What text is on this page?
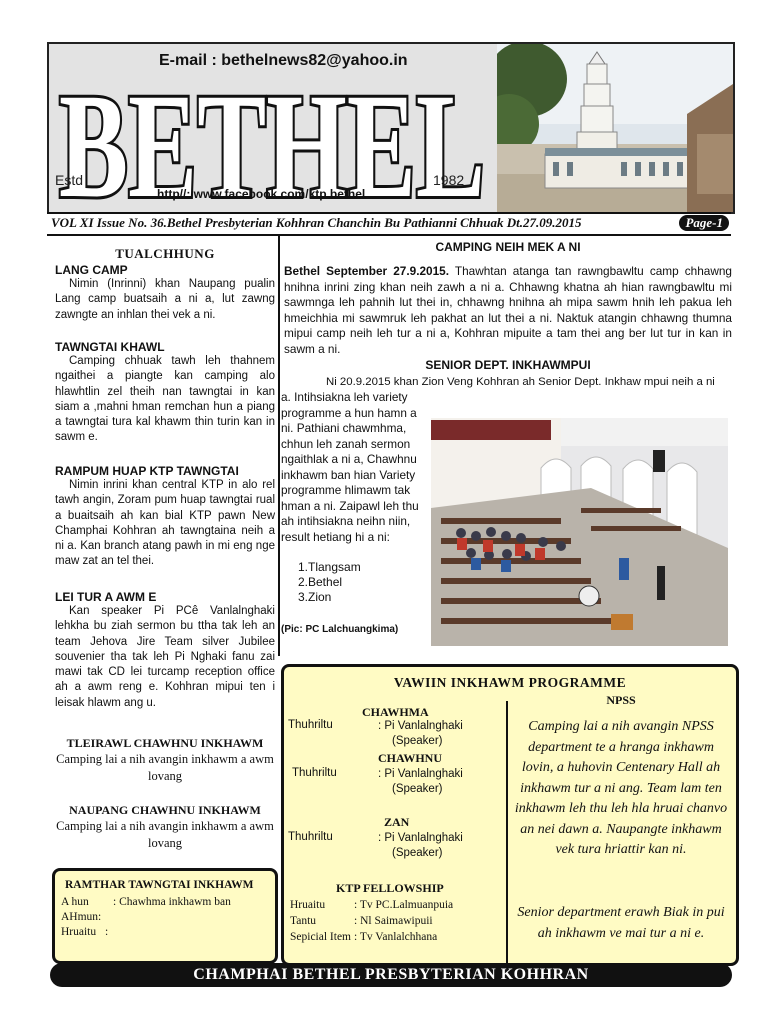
BETHEL
E-mail : bethelnews82@yahoo.in
Estd	1982
http//: www.facebook.com/ktp.bethel
VOL XI Issue No. 36.Bethel Presbyterian Kohhran Chanchin Bu Pathianni Chhuak Dt.27.09.2015	Page-1
TUALCHHUNG
LANG CAMP

Nimin (Inrinni) khan Naupang pualin Lang camp buatsaih a ni a, lut zawng zawngte an inhlan thei vek a ni.

TAWNGTAI KHAWL

Camping chhuak tawh leh thahnem ngaithei a piangte kan camping alo hlawhtlin zel theih nan tawngtai in kan siam a ,mahni hman remchan hun a piang a tawngtai tura kal khawm thin turin kan in sawm e.

RAMPUM HUAP KTP TAWNGTAI

Nimin inrini khan central KTP in alo rel tawh angin, Zoram pum huap tawngtai rual a buaitsaih ah kan bial KTP pawn New Champhai Kohhran ah tawngtaina neih a ni a. Kan branch atang pawh in mi eng nge maw zat an tel thei.

LEI TUR A AWM E

Kan speaker Pi PCê Vanlalnghaki lehkha bu ziah sermon bu ttha tak leh an team Jehova Jire Team silver Jubilee souvenier tha tak leh Pi Nghaki fanu zai mawi tak CD lei turcamp reception office ah a awm reng e. Kohhran mipui ten i leisak hlawm ang u.

TLEIRAWL CHAWHNU INKHAWM
Camping lai a nih avangin inkhawm a awm lovang
NAUPANG CHAWHNU INKHAWM
Camping lai a nih avangin inkhawm a awm lovang
RAMTHAR TAWNGTAI INKHAWM
A hun : Chawhma inkhawm ban
AHmun:
Hruaitu :
CAMPING NEIH MEK A NI

Bethel September 27.9.2015. Thawhtan atanga tan rawngbawltu camp chhawng hnihna inrini zing khan neih zawh a ni a. Chhawng khatna ah hian rawngbawltu mi sawmnga leh pahnih lut thei in, chhawng hnihna ah mipa sawm hnih leh pakua leh hmeichhia mi sawmruk leh pakhat an lut thei a ni. Naktuk atangin chhawng thumna mipui camp neih leh tur a ni a, Kohhran mipuite a tam thei ang ber lut tur in kan in sawm a ni.

SENIOR DEPT. INKHAWMPUI
Ni 20.9.2015 khan Zion Veng Kohhran ah Senior Dept. Inkhaw mpui neih a ni

a. Intihsiakna leh variety programme a hun hamn a ni. Pathiani chawmhma, chhun leh zanah sermon ngaithlak a ni a, Chawhnu inkhawm ban hian Variety programme hlimawm tak hman a ni. Zaipawl leh thu ah intihsiakna neihn niin, result hetiang hi a ni:

1.Tlangsam
2.Bethel
3.Zion
(Pic: PC Lalchuangkima)
VAWIIN INKHAWM PROGRAMME
CHAWHMA
Thuhriltu	: Pi Vanlalnghaki
(Speaker)
CHAWHNU
Thuhriltu	: Pi Vanlalnghaki
(Speaker)
ZAN
Thuhriltu	: Pi Vanlalnghaki
(Speaker)
KTP FELLOWSHIP
Hruaitu	: Tv PC.Lalmuanpuia
Tantu	: Nl Saimawipuii
Sepicial Item : Tv Vanlalchhana
NPSS
Camping lai a nih avangin NPSS department te a hranga inkhawm lovin, a huhovin Centenary Hall ah inkhawm tur a ni ang. Team lam ten inkhawm leh thu leh hla hruai chanvo an nei dawn a. Naupangte inkhawm vek tura hriattir kan ni.
Senior department erawh Biak in pui ah inkhawm ve mai tur a ni e.
CHAMPHAI BETHEL PRESBYTERIAN KOHHRAN
